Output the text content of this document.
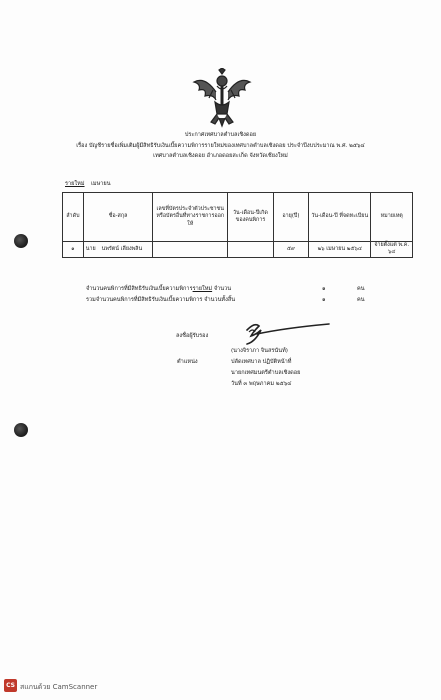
ประกาศเทศบาลตำบลเชิงดอย
เรื่อง บัญชีรายชื่อเพิ่มเติมผู้มีสิทธิรับเงินเบี้ยความพิการรายใหม่ของเทศบาลตำบลเชิงดอย ประจำปีงบประมาณ พ.ศ. ๒๕๖๔
เทศบาลตำบลเชิงดอย อำเภอดอยสะเก็ด จังหวัดเชียงใหม่
รายใหม่ เมษายน
ลำดับ	ชื่อ-สกุล	เลขที่บัตรประจำตัวประชาชนหรือบัตรอื่นที่ทางราชการออกให้	วัน-เดือน-ปีเกิดของคนพิการ	อายุ(ปี)	วัน-เดือน-ปี ที่จดทะเบียน	หมายเหตุ
๑	นาย นพรัตน์ เลียงพลิน			๕๙	๒๖ เมษายน ๒๕๖๔	จ่ายตั้งแต่ พ.ค. ๖๔
จำนวนคนพิการที่มีสิทธิรับเงินเบี้ยความพิการรายใหม่ จำนวน	๑	คน
รวมจำนวนคนพิการที่มีสิทธิรับเงินเบี้ยความพิการ จำนวนทั้งสิ้น	๑	คน
ลงชื่อผู้รับรอง
(นางจิราภา จินสรนันท์)
ตำแหน่ง	ปลัดเทศบาล ปฏิบัติหน้าที่
นายกเทศมนตรีตำบลเชิงดอย
วันที่ ๓ พฤษภาคม ๒๕๖๔
CS สแกนด้วย CamScanner
